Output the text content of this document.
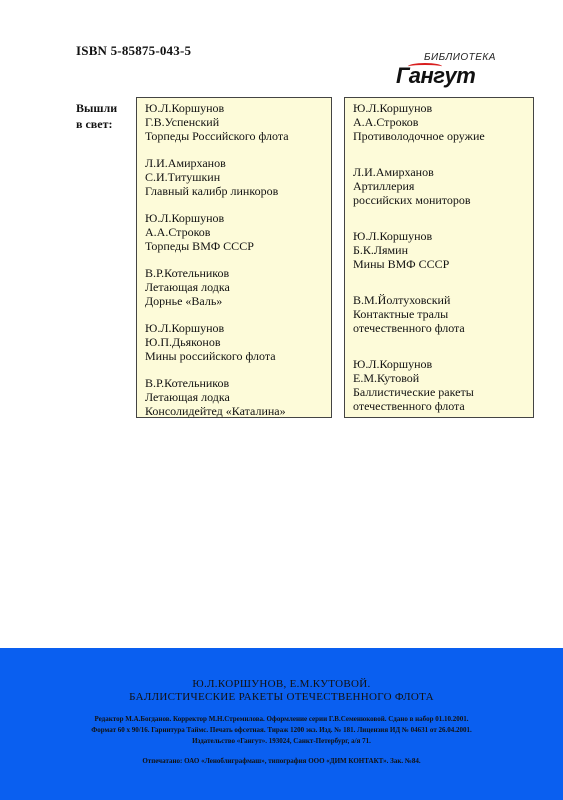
ISBN 5-85875-043-5	БИБЛИОТЕКА
Гангут
Вышли
в свет:
Ю.Л.Коршунов
Г.В.Успенский
Торпеды Российского флота
Л.И.Амирханов
С.И.Титушкин
Главный калибр линкоров
Ю.Л.Коршунов
А.А.Строков
Торпеды ВМФ СССР
В.Р.Котельников
Летающая лодка
Дорнье «Валь»
Ю.Л.Коршунов
Ю.П.Дьяконов
Мины российского флота
В.Р.Котельников
Летающая лодка
Консолидейтед «Каталина»
Ю.Л.Коршунов
А.А.Строков
Противолодочное оружие
Л.И.Амирханов
Артиллерия
российских мониторов
Ю.Л.Коршунов
Б.К.Лямин
Мины ВМФ СССР
В.М.Йолтуховский
Контактные тралы
отечественного флота
Ю.Л.Коршунов
Е.М.Кутовой
Баллистические ракеты
отечественного флота
Ю.Л.КОРШУНОВ, Е.М.КУТОВОЙ.
БАЛЛИСТИЧЕСКИЕ РАКЕТЫ ОТЕЧЕСТВЕННОГО ФЛОТА
Редактор М.А.Богданов. Корректор М.Н.Стремилова. Оформление серии Г.В.Семенюковой. Сдано в набор 01.10.2001.
Формат 60 х 90/16. Гарнитура Таймс. Печать офсетная. Тираж 1200 экз. Изд. № 181. Лицензия ИД № 04631 от 26.04.2001.
Издательство «Гангут». 193024, Санкт-Петербург, а/я 71.
Отпечатано: ОАО «Леноблиграфмаш», типография ООО «ДИМ КОНТАКТ». Зак. №84.
